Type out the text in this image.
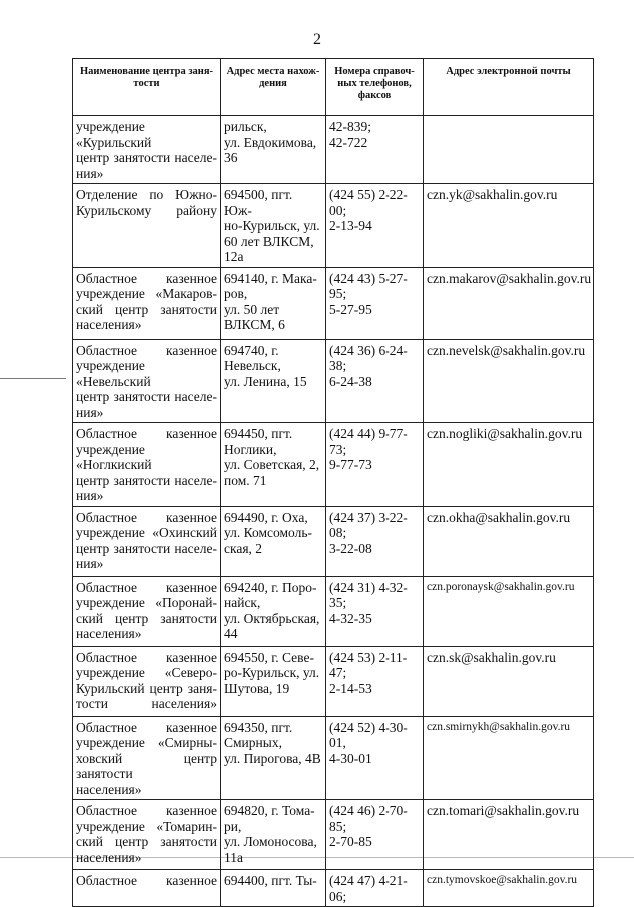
2
Наименование центра заня-
тости	Адрес места нахож-
дения	Номера справоч-
ных телефонов,
факсов	Адрес электронной почты
учреждение «Курильский
центр занятости населе-
ния»	рильск,
ул. Евдокимова,
36	42-839;
42-722	
Отделение по Южно-
Курильскому району	694500, пгт. Юж-
но-Курильск, ул.
60 лет ВЛКСМ,
12а	(424 55) 2-22-00;
2-13-94	czn.yk@sakhalin.gov.ru
Областное казенное
учреждение «Макаров-
ский центр занятости
населения»	694140, г. Мака-
ров,
ул. 50 лет
ВЛКСМ, 6	(424 43) 5-27-95;
5-27-95	czn.makarov@sakhalin.gov.ru
Областное казенное
учреждение «Невельский
центр занятости населе-
ния»	694740, г.
Невельск,
ул. Ленина, 15	(424 36) 6-24-38;
6-24-38	czn.nevelsk@sakhalin.gov.ru
Областное казенное
учреждение «Ноглкиский
центр занятости населе-
ния»	694450, пгт.
Ноглики,
ул. Советская, 2,
пом. 71	(424 44) 9-77-73;
9-77-73	czn.nogliki@sakhalin.gov.ru
Областное казенное
учреждение «Охинский
центр занятости населе-
ния»	694490, г. Оха,
ул. Комсомоль-
ская, 2	(424 37) 3-22-08;
3-22-08	czn.okha@sakhalin.gov.ru
Областное казенное
учреждение «Поронай-
ский центр занятости
населения»	694240, г. Поро-
найск,
ул. Октябрьская,
44	(424 31) 4-32-35;
4-32-35	czn.poronaysk@sakhalin.gov.ru
Областное казенное
учреждение «Северо-
Курильский центр заня-
тости населения»	694550, г. Севе-
ро-Курильск, ул.
Шутова, 19	(424 53) 2-11-47;
2-14-53	czn.sk@sakhalin.gov.ru
Областное казенное
учреждение «Смирны-
ховский центр занятости
населения»	694350, пгт.
Смирных,
ул. Пирогова, 4В	(424 52) 4-30-01,
4-30-01	czn.smirnykh@sakhalin.gov.ru
Областное казенное
учреждение «Томарин-
ский центр занятости
населения»	694820, г. Тома-
ри,
ул. Ломоносова,
11а	(424 46) 2-70-85;
2-70-85	czn.tomari@sakhalin.gov.ru
Областное казенное	694400, пгт. Ты-	(424 47) 4-21-06;	czn.tymovskoe@sakhalin.gov.ru
